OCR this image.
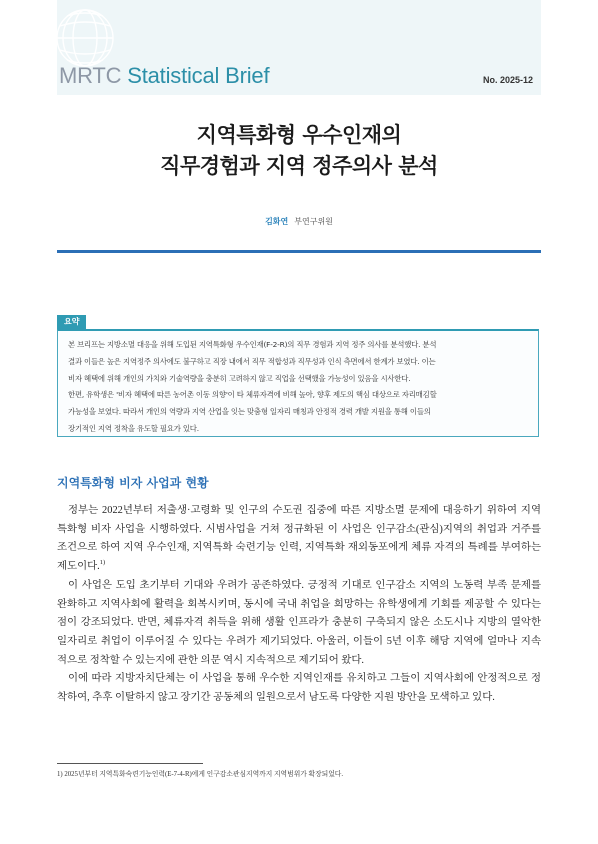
MRTC Statistical Brief	No. 2025-12
지역특화형 우수인재의
직무경험과 지역 정주의사 분석
김화연 부연구위원
요약

본 브리프는 지방소멸 대응을 위해 도입된 지역특화형 우수인재(F-2-R)의 직무 경험과 지역 정주 의사를 분석했다. 분석
결과 이들은 높은 지역정주 의사에도 불구하고 직장 내에서 직무 적합성과 직무성과 인식 측면에서 한계가 보였다. 이는
비자 혜택에 위해 개인의 가치와 기술역량을 충분히 고려하지 않고 직업을 선택했을 가능성이 있음을 시사한다.
한편, 유학생은 '비자 혜택에 따른 농어촌 이동 의향'이 타 체류자격에 비해 높아, 향후 제도의 핵심 대상으로 자리매김할
가능성을 보였다. 따라서 개인의 역량과 지역 산업을 잇는 맞춤형 일자리 매칭과 안정적 경력 개발 지원을 통해 이들의
장기적인 지역 정착을 유도할 필요가 있다.

지역특화형 비자 사업과 현황
정부는 2022년부터 저출생·고령화 및 인구의 수도권 집중에 따른 지방소멸 문제에 대응하기 위하여 지역
특화형 비자 사업을 시행하였다. 시범사업을 거쳐 정규화된 이 사업은 인구감소(관심)지역의 취업과 거주를
조건으로 하여 지역 우수인재, 지역특화 숙련기능 인력, 지역특화 재외동포에게 체류 자격의 특례를 부여하는
제도이다.$^{1)}$
이 사업은 도입 초기부터 기대와 우려가 공존하였다. 긍정적 기대로 인구감소 지역의 노동력 부족 문제를
완화하고 지역사회에 활력을 회복시키며, 동시에 국내 취업을 희망하는 유학생에게 기회를 제공할 수 있다는
점이 강조되었다. 반면, 체류자격 취득을 위해 생활 인프라가 충분히 구축되지 않은 소도시나 지방의 열악한
일자리로 취업이 이루어질 수 있다는 우려가 제기되었다. 아울러, 이들이 5년 이후 해당 지역에 얼마나 지속
적으로 정착할 수 있는지에 관한 의문 역시 지속적으로 제기되어 왔다.
이에 따라 지방자치단체는 이 사업을 통해 우수한 지역인재를 유치하고 그들이 지역사회에 안정적으로 정
착하여, 추후 이탈하지 않고 장기간 공동체의 일원으로서 남도록 다양한 지원 방안을 모색하고 있다.
1) 2025년부터 지역특화숙련기능인력(E-7-4-R)에게 인구감소관심지역까지 지역범위가 확장되었다.
